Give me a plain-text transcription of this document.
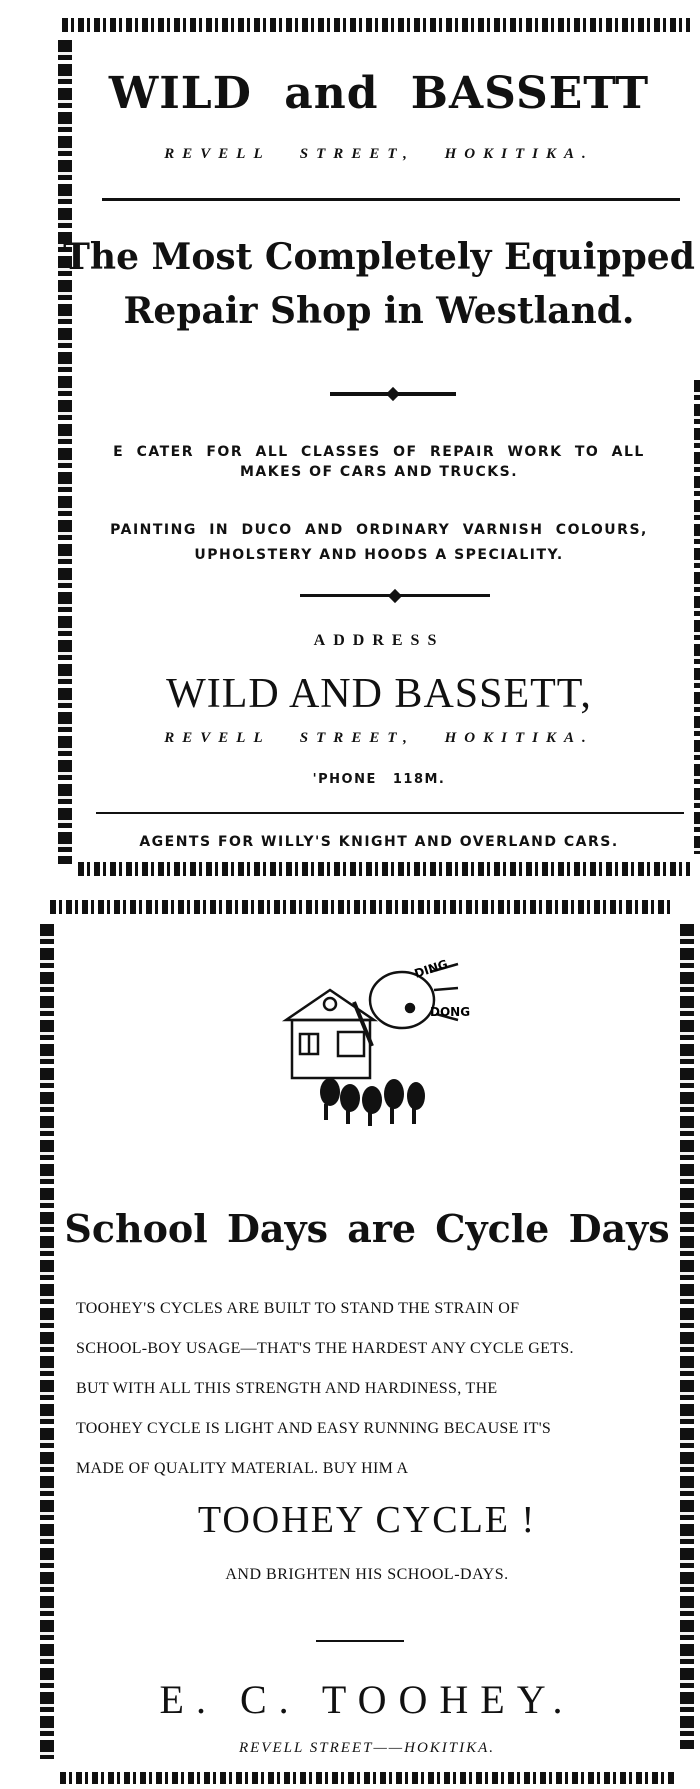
WILD and BASSETT
REVELL STREET, HOKITIKA.
The Most Completely Equipped
Repair Shop in Westland.
E CATER FOR ALL CLASSES OF REPAIR WORK TO ALL
MAKES OF CARS AND TRUCKS.
PAINTING IN DUCO AND ORDINARY VARNISH COLOURS,
UPHOLSTERY AND HOODS A SPECIALITY.
ADDRESS
WILD AND BASSETT,
REVELL STREET, HOKITIKA.
'PHONE 118M.
AGENTS FOR WILLY'S KNIGHT AND OVERLAND CARS.
DING
DONG
School Days are Cycle Days
TOOHEY'S CYCLES ARE BUILT TO STAND THE STRAIN OF
SCHOOL-BOY USAGE—THAT'S THE HARDEST ANY CYCLE GETS.
BUT WITH ALL THIS STRENGTH AND HARDINESS, THE
TOOHEY CYCLE IS LIGHT AND EASY RUNNING BECAUSE IT'S
MADE OF QUALITY MATERIAL. BUY HIM A
TOOHEY CYCLE !
AND BRIGHTEN HIS SCHOOL-DAYS.
E. C. TOOHEY.
REVELL STREET——HOKITIKA.
